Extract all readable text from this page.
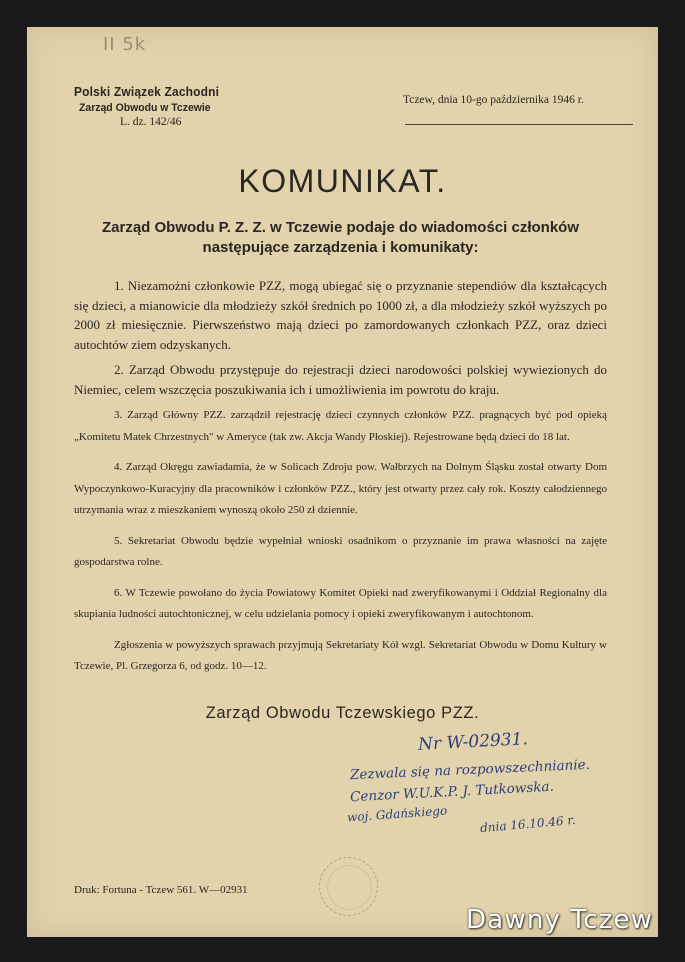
II 5k
Polski Związek Zachodni
Zarząd Obwodu w Tczewie
L. dz. 142/46
Tczew, dnia 10-go października 1946 r.
KOMUNIKAT.
Zarząd Obwodu P. Z. Z. w Tczewie podaje do wiadomości członków następujące zarządzenia i komunikaty:

1. Niezamożni członkowie PZZ, mogą ubiegać się o przyznanie stependiów dla kształcących się dzieci, a mianowicie dla młodzieży szkół średnich po 1000 zł, a dla młodzieży szkół wyższych po 2000 zł miesięcznie. Pierwszeństwo mają dzieci po zamordowanych członkach PZZ, oraz dzieci autochtów ziem odzyskanych.

2. Zarząd Obwodu przystępuje do rejestracji dzieci narodowości polskiej wywiezionych do Niemiec, celem wszczęcia poszukiwania ich i umożliwienia im powrotu do kraju.

3. Zarząd Główny PZZ. zarządził rejestrację dzieci czynnych członków PZZ. pragnących być pod opieką „Komitetu Matek Chrzestnych" w Ameryce (tak zw. Akcja Wandy Płoskiej). Rejestrowane będą dzieci do 18 lat.

4. Zarząd Okręgu zawiadamia, że w Solicach Zdroju pow. Wałbrzych na Dolnym Śląsku został otwarty Dom Wypoczynkowo-Kuracyjny dla pracowników i członków PZZ., który jest otwarty przez cały rok. Koszty całodziennego utrzymania wraz z mieszkaniem wynoszą około 250 zł dziennie.

5. Sekretariat Obwodu będzie wypełniał wnioski osadnikom o przyznanie im prawa własności na zajęte gospodarstwa rolne.

6. W Tczewie powołano do życia Powiatowy Komitet Opieki nad zweryfikowanymi i Oddział Regionalny dla skupiania ludności autochtonicznej, w celu udzielania pomocy i opieki zweryfikowanym i autochtonom.

Zgłoszenia w powyższych sprawach przyjmują Sekretariaty Kół wzgl. Sekretariat Obwodu w Domu Kultury w Tczewie, Pl. Grzegorza 6, od godz. 10—12.

Zarząd Obwodu Tczewskiego PZZ.
Nr W-02931.
Zezwala się na rozpowszechnianie.
Cenzor W.U.K.P. J. Tutkowska.
woj. Gdańskiego	dnia 16.10.46 r.
Druk: Fortuna - Tczew 561. W—02931
Dawny Tczew
